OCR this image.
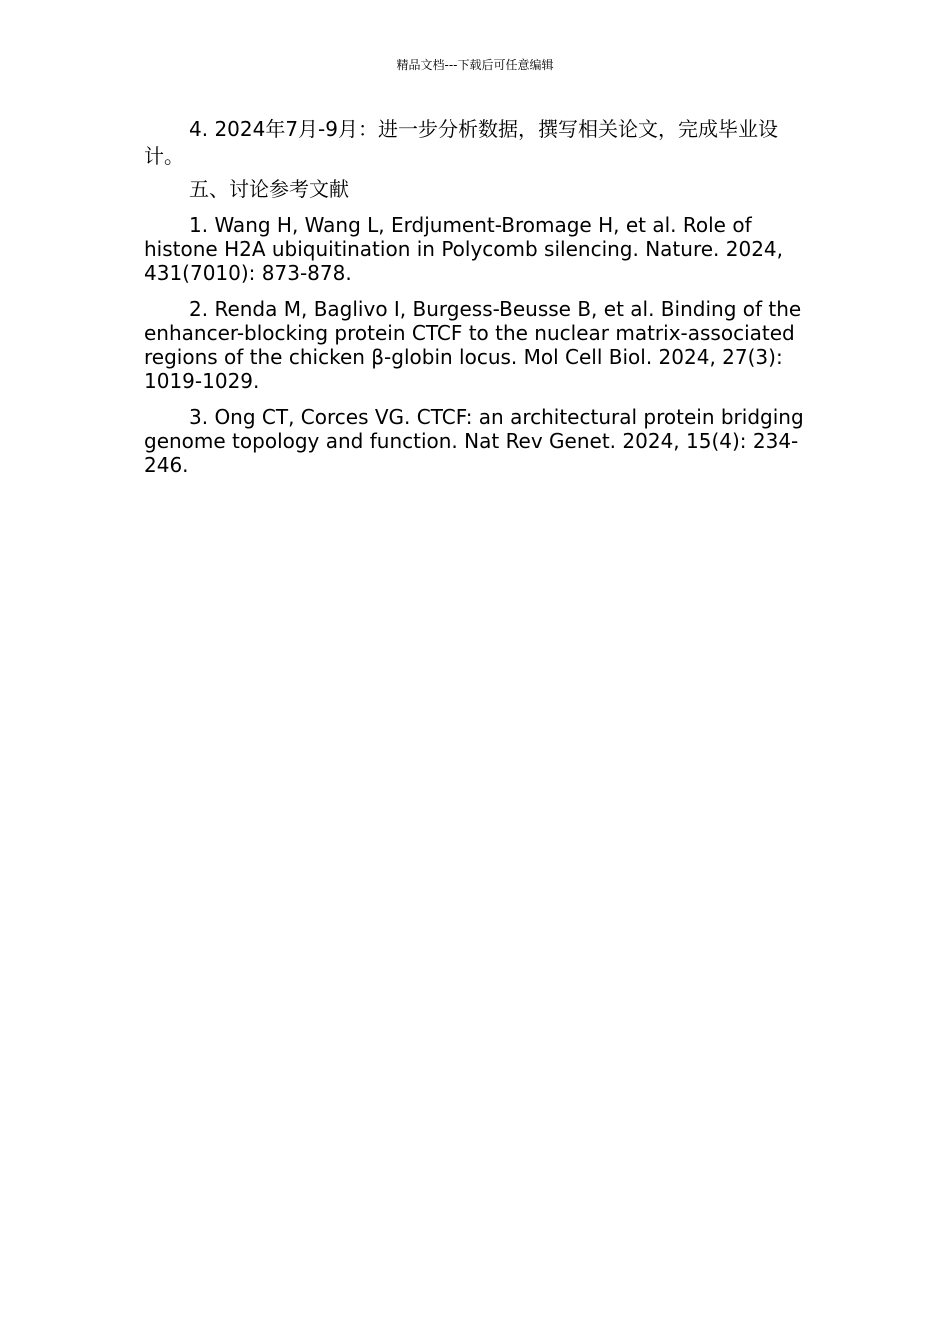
精品文档---下载后可任意编辑

4. 2024年7月-9月：进一步分析数据，撰写相关论文，完成毕业设计。

五、讨论参考文献

1. Wang H, Wang L, Erdjument-Bromage H, et al. Role of histone H2A ubiquitination in Polycomb silencing. Nature. 2024, 431(7010): 873-878.

2. Renda M, Baglivo I, Burgess-Beusse B, et al. Binding of the enhancer-blocking protein CTCF to the nuclear matrix-associated regions of the chicken β-globin locus. Mol Cell Biol. 2024, 27(3): 1019-1029.

3. Ong CT, Corces VG. CTCF: an architectural protein bridging genome topology and function. Nat Rev Genet. 2024, 15(4): 234-246.
